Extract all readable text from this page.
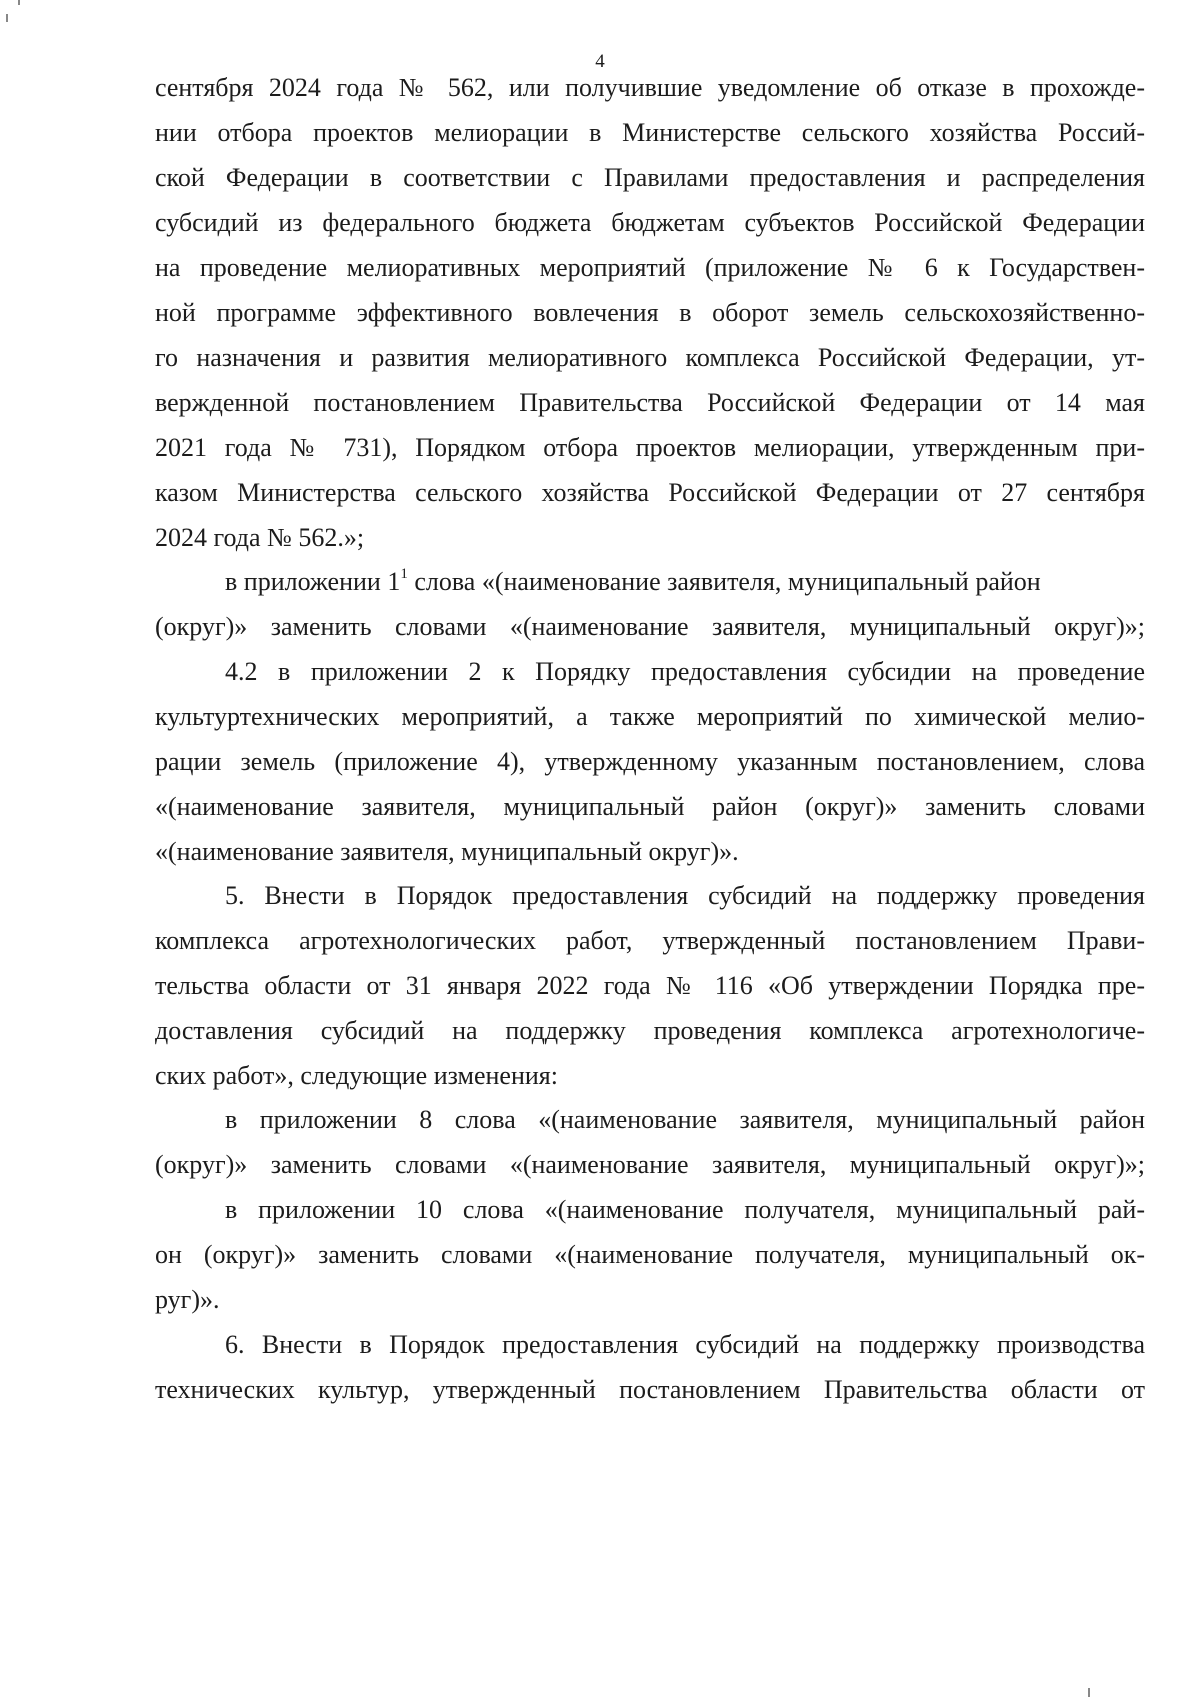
4
сентября 2024 года № 562, или получившие уведомление об отказе в прохожде-
нии отбора проектов мелиорации в Министерстве сельского хозяйства Россий-
ской Федерации в соответствии с Правилами предоставления и распределения
субсидий из федерального бюджета бюджетам субъектов Российской Федерации
на проведение мелиоративных мероприятий (приложение № 6 к Государствен-
ной программе эффективного вовлечения в оборот земель сельскохозяйственно-
го назначения и развития мелиоративного комплекса Российской Федерации, ут-
вержденной постановлением Правительства Российской Федерации от 14 мая
2021 года № 731), Порядком отбора проектов мелиорации, утвержденным при-
казом Министерства сельского хозяйства Российской Федерации от 27 сентября
2024 года № 562.»;
в приложении $1^1$ слова «(наименование заявителя, муниципальный район
(округ)» заменить словами «(наименование заявителя, муниципальный округ)»;
4.2 в приложении 2 к Порядку предоставления субсидии на проведение
культуртехнических мероприятий, а также мероприятий по химической мелио-
рации земель (приложение 4), утвержденному указанным постановлением, слова
«(наименование заявителя, муниципальный район (округ)» заменить словами
«(наименование заявителя, муниципальный округ)».
5. Внести в Порядок предоставления субсидий на поддержку проведения
комплекса агротехнологических работ, утвержденный постановлением Прави-
тельства области от 31 января 2022 года № 116 «Об утверждении Порядка пре-
доставления субсидий на поддержку проведения комплекса агротехнологиче-
ских работ», следующие изменения:
в приложении 8 слова «(наименование заявителя, муниципальный район
(округ)» заменить словами «(наименование заявителя, муниципальный округ)»;
в приложении 10 слова «(наименование получателя, муниципальный рай-
он (округ)» заменить словами «(наименование получателя, муниципальный ок-
руг)».
6. Внести в Порядок предоставления субсидий на поддержку производства
технических культур, утвержденный постановлением Правительства области от
